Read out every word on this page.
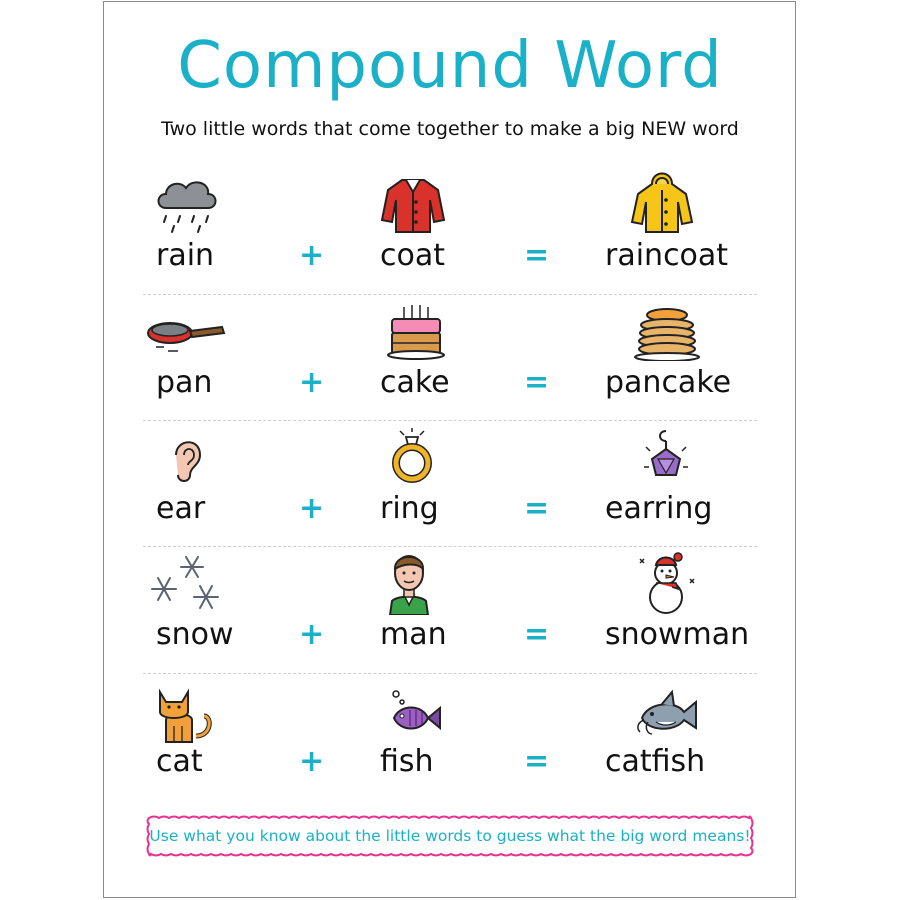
Compound Word
Two little words that come together to make a big NEW word
rain	+ coat	= raincoat
pan	+ cake = pancake
ear	+ ring	= earring
snow + man	= snowman
cat	+ fish	= catfish
Use what you know about the little words to guess what the big word means!
